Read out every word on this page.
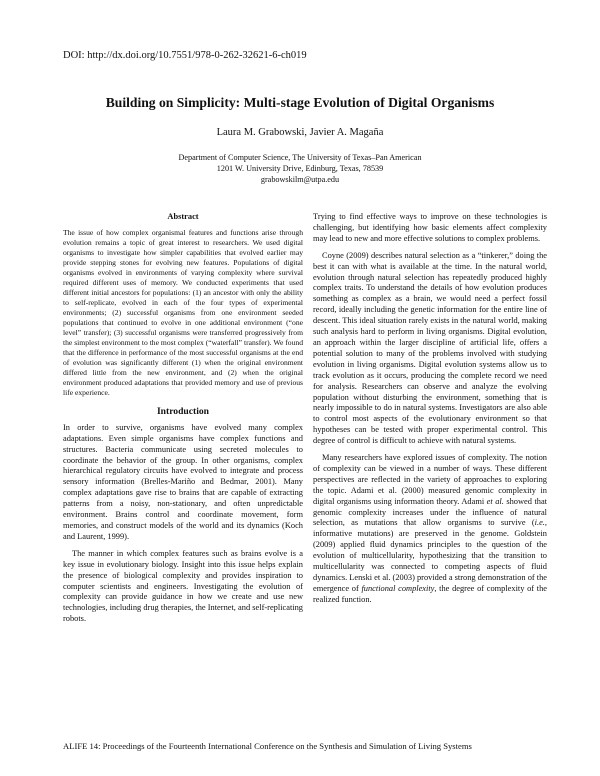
DOI: http://dx.doi.org/10.7551/978-0-262-32621-6-ch019
Building on Simplicity: Multi-stage Evolution of Digital Organisms
Laura M. Grabowski, Javier A. Magaña
Department of Computer Science, The University of Texas–Pan American
1201 W. University Drive, Edinburg, Texas, 78539
grabowskilm@utpa.edu
Abstract

The issue of how complex organismal features and functions arise through evolution remains a topic of great interest to researchers. We used digital organisms to investigate how simpler capabilities that evolved earlier may provide stepping stones for evolving new features. Populations of digital organisms evolved in environments of varying complexity where survival required different uses of memory. We conducted experiments that used different initial ancestors for populations: (1) an ancestor with only the ability to self-replicate, evolved in each of the four types of experimental environments; (2) successful organisms from one environment seeded populations that continued to evolve in one additional environment (“one level” transfer); (3) successful organisms were transferred progressively from the simplest environment to the most complex (“waterfall” transfer). We found that the difference in performance of the most successful organisms at the end of evolution was significantly different (1) when the original environment differed little from the new environment, and (2) when the original environment produced adaptations that provided memory and use of previous life experience.

Introduction

In order to survive, organisms have evolved many complex adaptations. Even simple organisms have complex functions and structures. Bacteria communicate using secreted molecules to coordinate the behavior of the group. In other organisms, complex hierarchical regulatory circuits have evolved to integrate and process sensory information (Brelles-Mariño and Bedmar, 2001). Many complex adaptations gave rise to brains that are capable of extracting patterns from a noisy, non-stationary, and often unpredictable environment. Brains control and coordinate movement, form memories, and construct models of the world and its dynamics (Koch and Laurent, 1999).

The manner in which complex features such as brains evolve is a key issue in evolutionary biology. Insight into this issue helps explain the presence of biological complexity and provides inspiration to computer scientists and engineers. Investigating the evolution of complexity can provide guidance in how we create and use new technologies, including drug therapies, the Internet, and self-replicating robots.

Trying to find effective ways to improve on these technologies is challenging, but identifying how basic elements affect complexity may lead to new and more effective solutions to complex problems.

Coyne (2009) describes natural selection as a “tinkerer,” doing the best it can with what is available at the time. In the natural world, evolution through natural selection has repeatedly produced highly complex traits. To understand the details of how evolution produces something as complex as a brain, we would need a perfect fossil record, ideally including the genetic information for the entire line of descent. This ideal situation rarely exists in the natural world, making such analysis hard to perform in living organisms. Digital evolution, an approach within the larger discipline of artificial life, offers a potential solution to many of the problems involved with studying evolution in living organisms. Digital evolution systems allow us to track evolution as it occurs, producing the complete record we need for analysis. Researchers can observe and analyze the evolving population without disturbing the environment, something that is nearly impossible to do in natural systems. Investigators are also able to control most aspects of the evolutionary environment so that hypotheses can be tested with proper experimental control. This degree of control is difficult to achieve with natural systems.

Many researchers have explored issues of complexity. The notion of complexity can be viewed in a number of ways. These different perspectives are reflected in the variety of approaches to exploring the topic. Adami et al. (2000) measured genomic complexity in digital organisms using information theory. Adami et al. showed that genomic complexity increases under the influence of natural selection, as mutations that allow organisms to survive (i.e., informative mutations) are preserved in the genome. Goldstein (2009) applied fluid dynamics principles to the question of the evolution of multicellularity, hypothesizing that the transition to multicellularity was connected to competing aspects of fluid dynamics. Lenski et al. (2003) provided a strong demonstration of the emergence of functional complexity, the degree of complexity of the realized function.

ALIFE 14: Proceedings of the Fourteenth International Conference on the Synthesis and Simulation of Living Systems
